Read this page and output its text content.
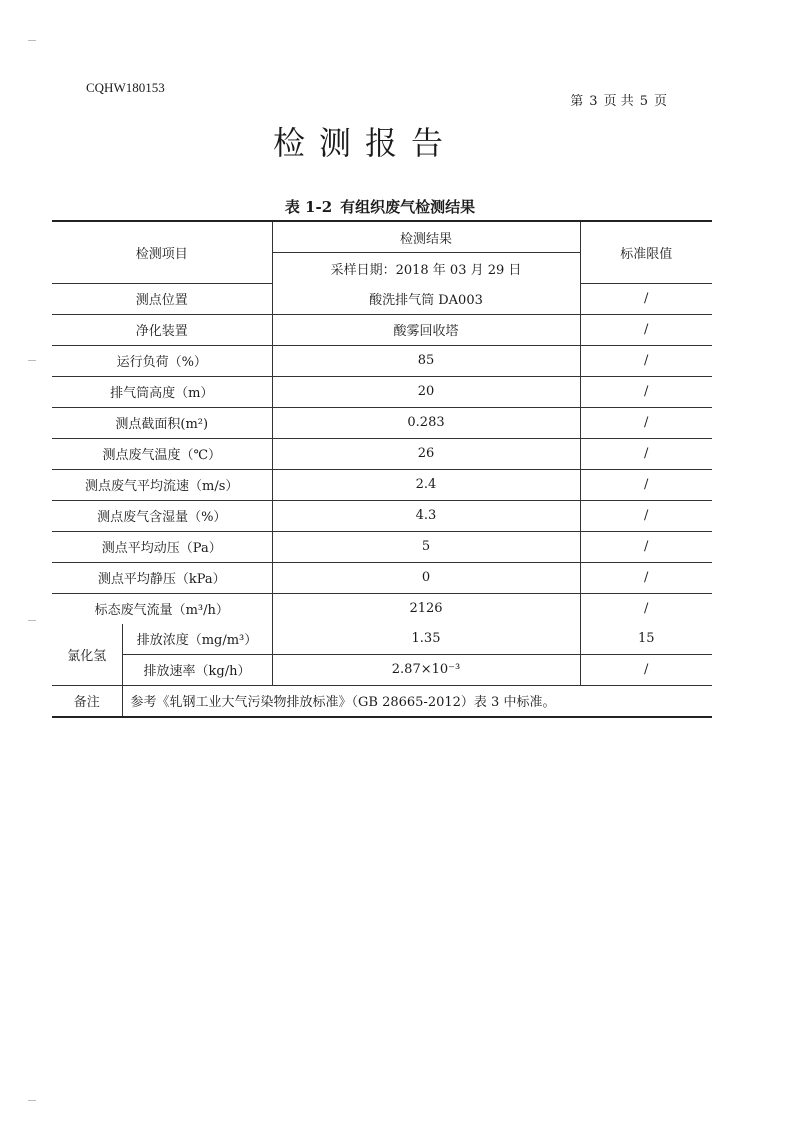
CQHW180153
第 3 页 共 5 页
检测报告
表 1-2 有组织废气检测结果
检测项目		检测结果	标准限值
		采样日期：2018 年 03 月 29 日	
测点位置		酸洗排气筒 DA003	/
净化装置		酸雾回收塔	/
运行负荷（%）		85	/
排气筒高度（m）		20	/
测点截面积(m²)		0.283	/
测点废气温度（℃）		26	/
测点废气平均流速（m/s）		2.4	/
测点废气含湿量（%）		4.3	/
测点平均动压（Pa）		5	/
测点平均静压（kPa）		0	/
标态废气流量（m³/h）		2126	/
氯化氢	排放浓度（mg/m³）	1.35	15
	排放速率（kg/h）	2.87×10⁻³	/
备注	参考《轧钢工业大气污染物排放标准》（GB 28665-2012）表 3 中标准。		
